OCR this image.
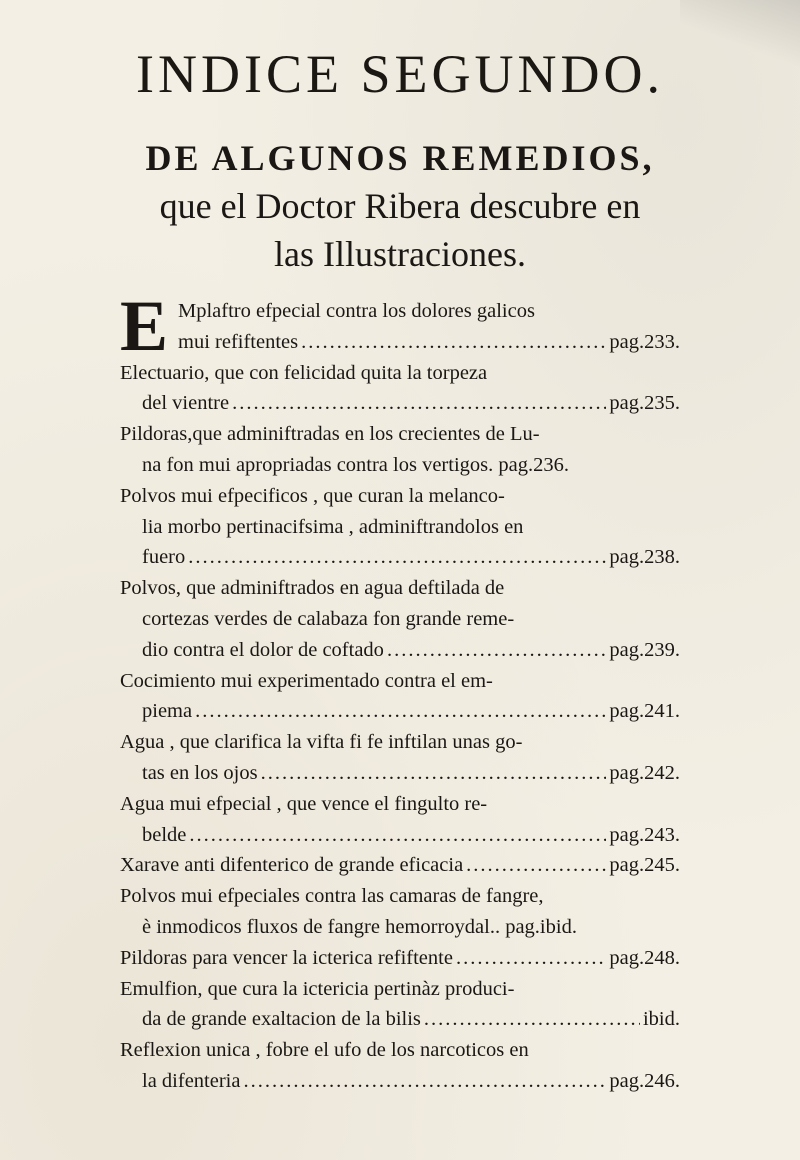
INDICE SEGUNDO.
DE ALGUNOS REMEDIOS,
que el Doctor Ribera descubre en
las Illustraciones.
E Mplaftro efpecial contra los dolores galicos
mui refiftentes .....	pag.233.
Electuario, que con felicidad quita la torpeza
del vientre .....	pag.235.
Pildoras,que adminiftradas en los crecientes de Lu-
na fon mui apropriadas contra los vertigos. pag.236.
Polvos mui efpecificos , que curan la melanco-
lia morbo pertinacifsima , adminiftrandolos en
fuero .....	pag.238.
Polvos, que adminiftrados en agua deftilada de
cortezas verdes de calabaza fon grande reme-
dio contra el dolor de coftado .....	pag.239.
Cocimiento mui experimentado contra el em-
piema .....	pag.241.
Agua , que clarifica la vifta fi fe inftilan unas go-
tas en los ojos .....	pag.242.
Agua mui efpecial , que vence el fingulto re-
belde .....	pag.243.
Xarave anti difenterico de grande eficacia .....	pag.245.
Polvos mui efpeciales contra las camaras de fangre,
è inmodicos fluxos de fangre hemorroydal.. pag.ibid.
Pildoras para vencer la icterica refiftente .....	pag.248.
Emulfion, que cura la ictericia pertinàz produci-
da de grande exaltacion de la bilis .....	ibid.
Reflexion unica , fobre el ufo de los narcoticos en
la difenteria .....	pag.246.
